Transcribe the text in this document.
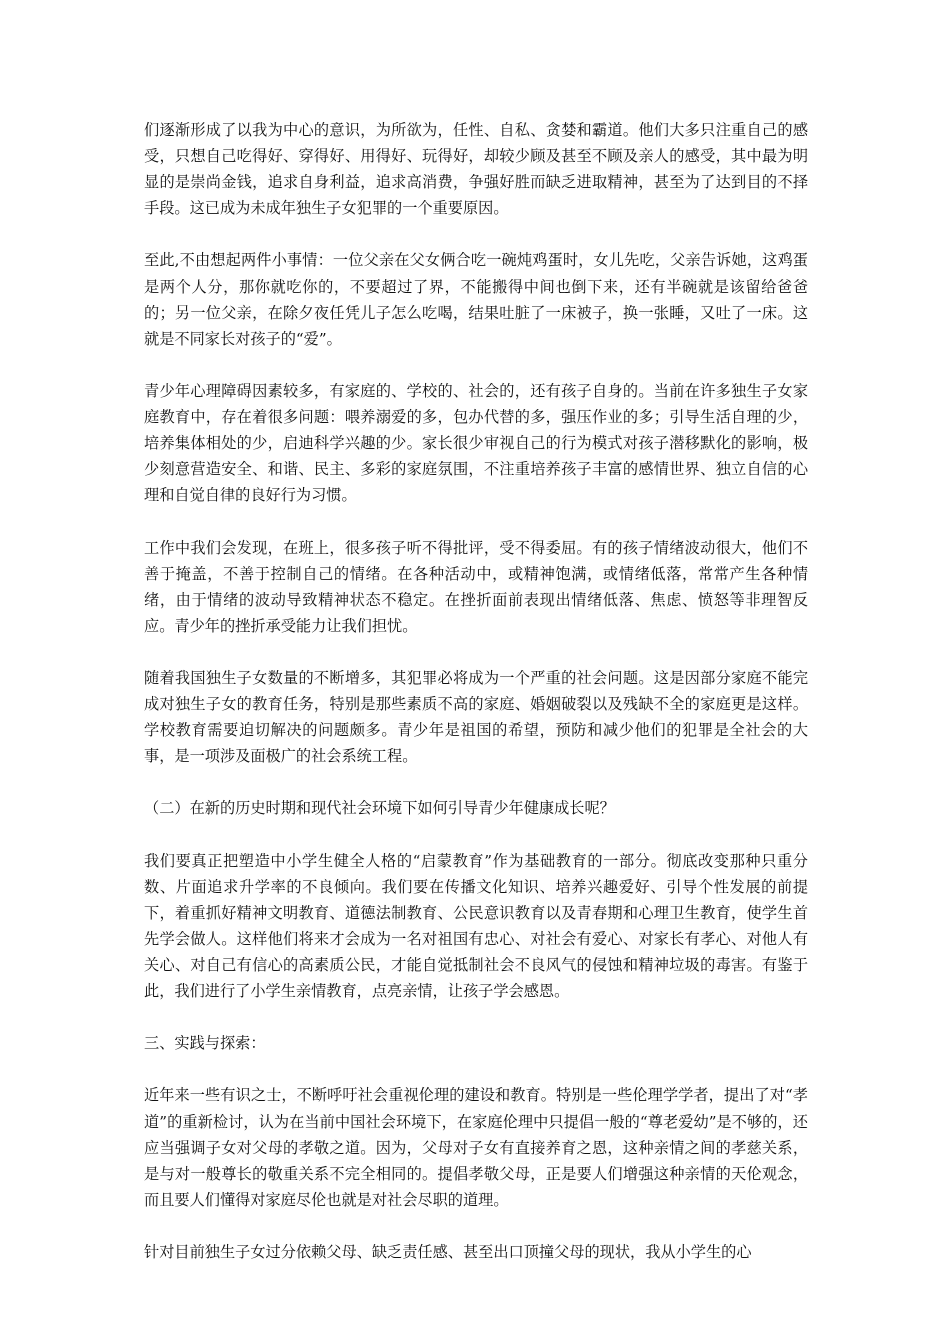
们逐渐形成了以我为中心的意识，为所欲为，任性、自私、贪婪和霸道。他们大多只注重自己的感受，只想自己吃得好、穿得好、用得好、玩得好，却较少顾及甚至不顾及亲人的感受，其中最为明显的是崇尚金钱，追求自身利益，追求高消费，争强好胜而缺乏进取精神，甚至为了达到目的不择手段。这已成为未成年独生子女犯罪的一个重要原因。

至此,不由想起两件小事情：一位父亲在父女俩合吃一碗炖鸡蛋时，女儿先吃，父亲告诉她，这鸡蛋是两个人分，那你就吃你的，不要超过了界，不能搬得中间也倒下来，还有半碗就是该留给爸爸的；另一位父亲，在除夕夜任凭儿子怎么吃喝，结果吐脏了一床被子，换一张睡，又吐了一床。这就是不同家长对孩子的“爱”。

青少年心理障碍因素较多，有家庭的、学校的、社会的，还有孩子自身的。当前在许多独生子女家庭教育中，存在着很多问题：喂养溺爱的多，包办代替的多，强压作业的多；引导生活自理的少，培养集体相处的少，启迪科学兴趣的少。家长很少审视自己的行为模式对孩子潜移默化的影响，极少刻意营造安全、和谐、民主、多彩的家庭氛围，不注重培养孩子丰富的感情世界、独立自信的心理和自觉自律的良好行为习惯。

工作中我们会发现，在班上，很多孩子听不得批评，受不得委屈。有的孩子情绪波动很大，他们不善于掩盖，不善于控制自己的情绪。在各种活动中，或精神饱满，或情绪低落，常常产生各种情绪，由于情绪的波动导致精神状态不稳定。在挫折面前表现出情绪低落、焦虑、愤怒等非理智反应。青少年的挫折承受能力让我们担忧。

随着我国独生子女数量的不断增多，其犯罪必将成为一个严重的社会问题。这是因部分家庭不能完成对独生子女的教育任务，特别是那些素质不高的家庭、婚姻破裂以及残缺不全的家庭更是这样。学校教育需要迫切解决的问题颇多。青少年是祖国的希望，预防和减少他们的犯罪是全社会的大事，是一项涉及面极广的社会系统工程。

（二）在新的历史时期和现代社会环境下如何引导青少年健康成长呢？

我们要真正把塑造中小学生健全人格的“启蒙教育”作为基础教育的一部分。彻底改变那种只重分数、片面追求升学率的不良倾向。我们要在传播文化知识、培养兴趣爱好、引导个性发展的前提下，着重抓好精神文明教育、道德法制教育、公民意识教育以及青春期和心理卫生教育，使学生首先学会做人。这样他们将来才会成为一名对祖国有忠心、对社会有爱心、对家长有孝心、对他人有关心、对自己有信心的高素质公民，才能自觉抵制社会不良风气的侵蚀和精神垃圾的毒害。有鉴于此，我们进行了小学生亲情教育，点亮亲情，让孩子学会感恩。

三、实践与探索：

近年来一些有识之士，不断呼吁社会重视伦理的建设和教育。特别是一些伦理学学者，提出了对“孝道”的重新检讨，认为在当前中国社会环境下，在家庭伦理中只提倡一般的“尊老爱幼”是不够的，还应当强调子女对父母的孝敬之道。因为，父母对子女有直接养育之恩，这种亲情之间的孝慈关系，是与对一般尊长的敬重关系不完全相同的。提倡孝敬父母，正是要人们增强这种亲情的天伦观念，而且要人们懂得对家庭尽伦也就是对社会尽职的道理。

针对目前独生子女过分依赖父母、缺乏责任感、甚至出口顶撞父母的现状，我从小学生的心
